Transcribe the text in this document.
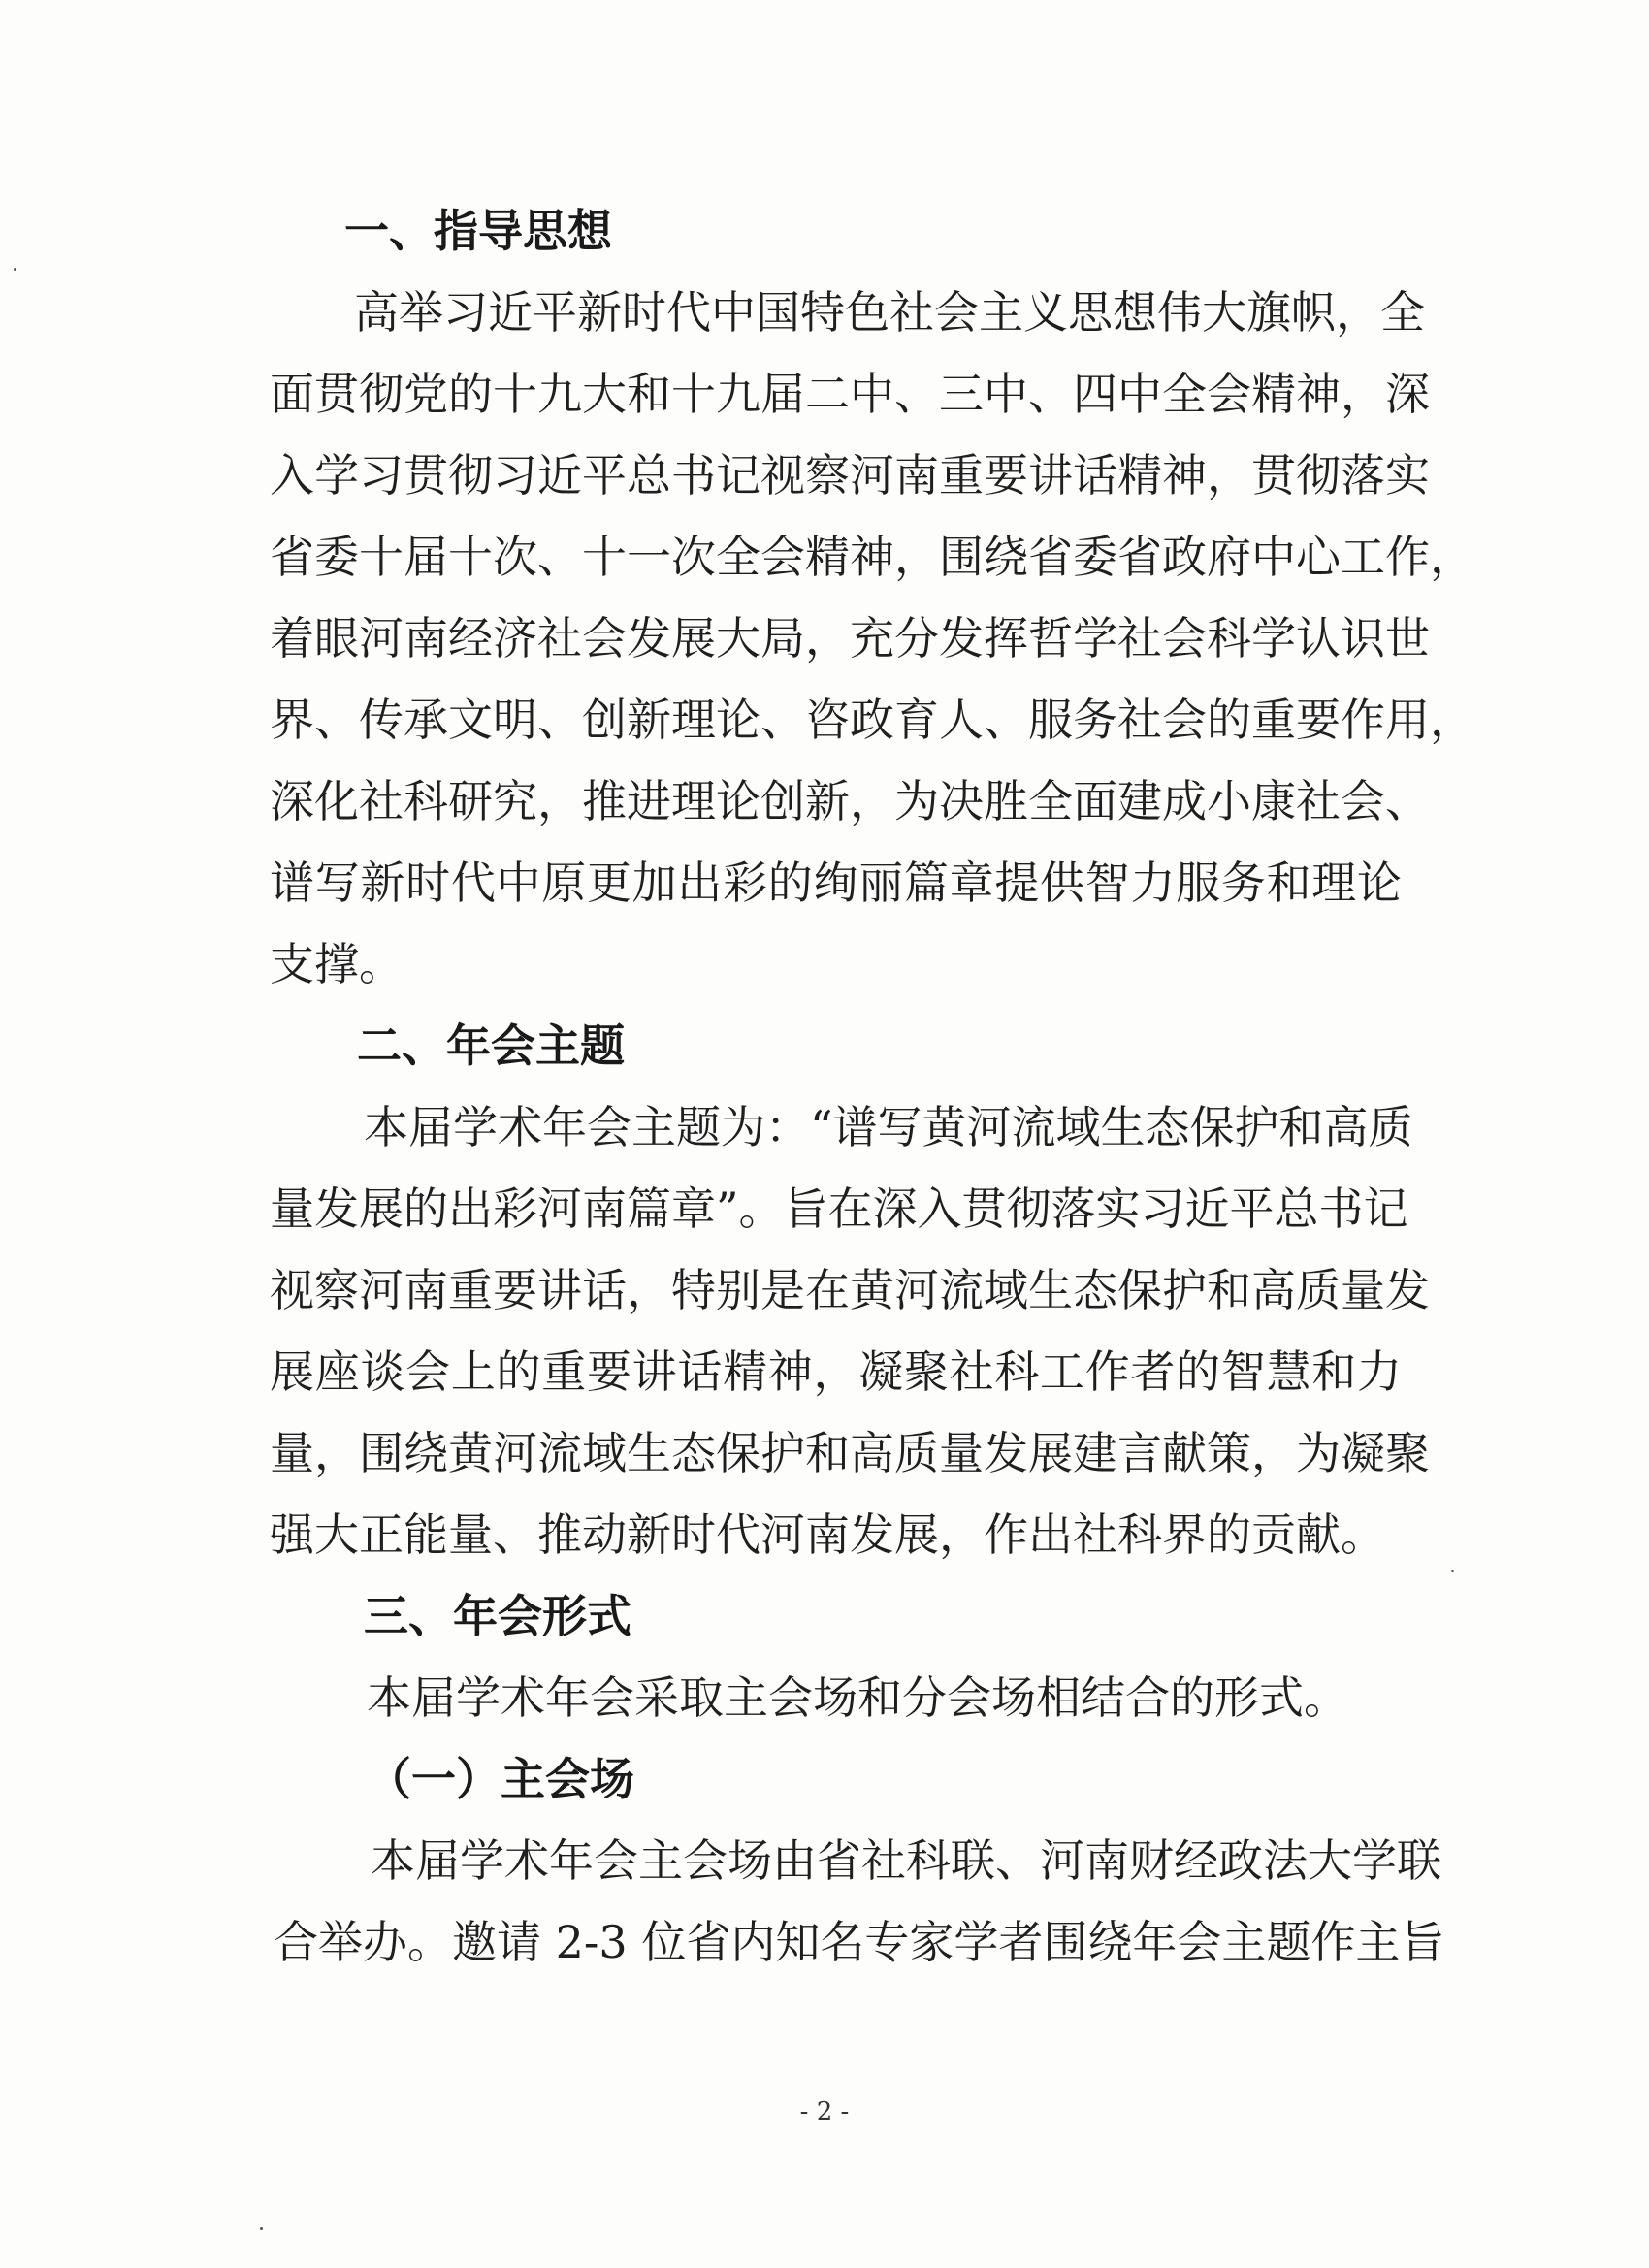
一、指导思想
高举习近平新时代中国特色社会主义思想伟大旗帜，全
面贯彻党的十九大和十九届二中、三中、四中全会精神，深
入学习贯彻习近平总书记视察河南重要讲话精神，贯彻落实
省委十届十次、十一次全会精神，围绕省委省政府中心工作，
着眼河南经济社会发展大局，充分发挥哲学社会科学认识世
界、传承文明、创新理论、咨政育人、服务社会的重要作用，
深化社科研究，推进理论创新，为决胜全面建成小康社会、
谱写新时代中原更加出彩的绚丽篇章提供智力服务和理论
支撑。
二、年会主题
本届学术年会主题为：“谱写黄河流域生态保护和高质
量发展的出彩河南篇章”。旨在深入贯彻落实习近平总书记
视察河南重要讲话，特别是在黄河流域生态保护和高质量发
展座谈会上的重要讲话精神，凝聚社科工作者的智慧和力
量，围绕黄河流域生态保护和高质量发展建言献策，为凝聚
强大正能量、推动新时代河南发展，作出社科界的贡献。
三、年会形式
本届学术年会采取主会场和分会场相结合的形式。
（一）主会场
本届学术年会主会场由省社科联、河南财经政法大学联
合举办。邀请 2-3 位省内知名专家学者围绕年会主题作主旨
- 2 -
